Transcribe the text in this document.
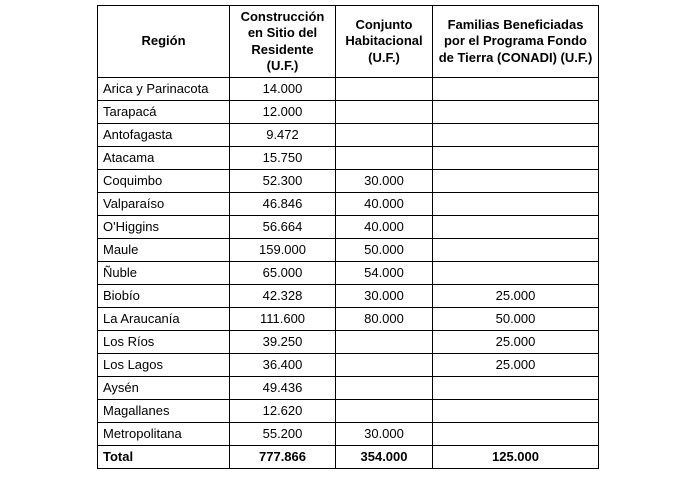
Región	Construcción en Sitio del Residente (U.F.)	Conjunto Habitacional (U.F.)	Familias Beneficiadas por el Programa Fondo de Tierra (CONADI) (U.F.)
Arica y Parinacota	14.000		
Tarapacá	12.000		
Antofagasta	9.472		
Atacama	15.750		
Coquimbo	52.300	30.000	
Valparaíso	46.846	40.000	
O'Higgins	56.664	40.000	
Maule	159.000	50.000	
Ñuble	65.000	54.000	
Biobío	42.328	30.000	25.000
La Araucanía	111.600	80.000	50.000
Los Ríos	39.250		25.000
Los Lagos	36.400		25.000
Aysén	49.436		
Magallanes	12.620		
Metropolitana	55.200	30.000	
Total	777.866	354.000	125.000
